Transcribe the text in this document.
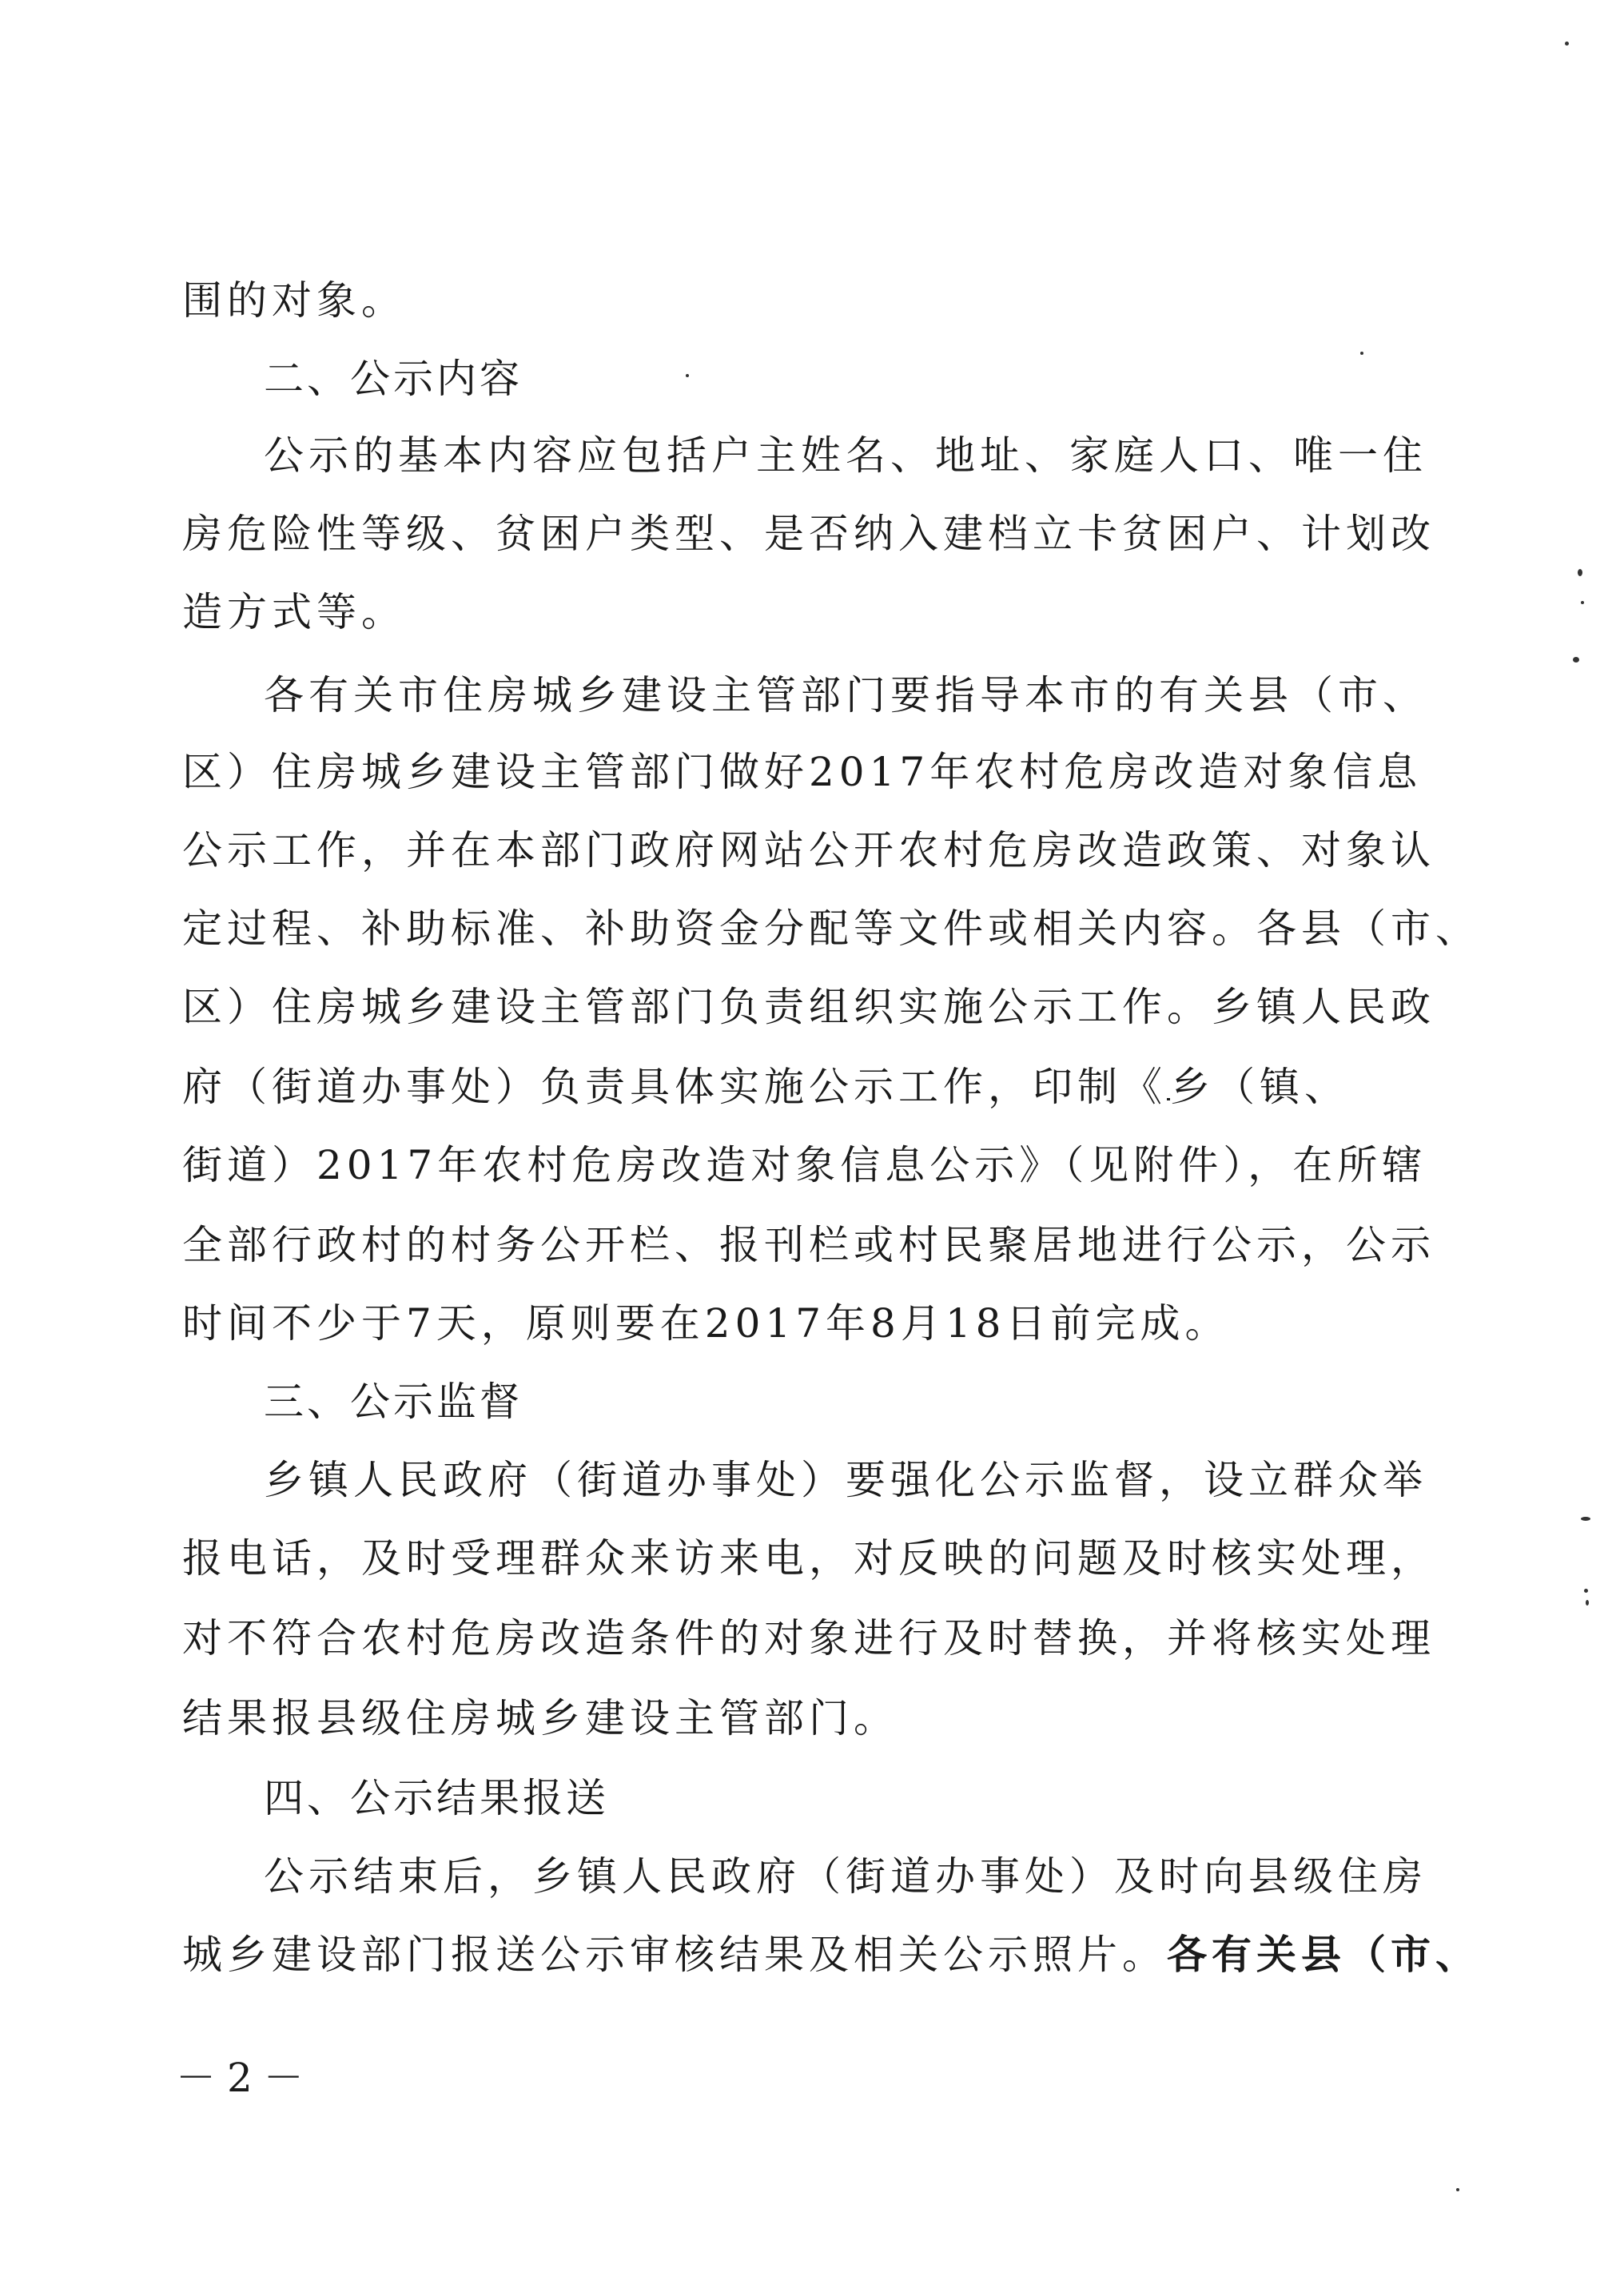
围的对象。
二、公示内容
公示的基本内容应包括户主姓名、地址、家庭人口、唯一住
房危险性等级、贫困户类型、是否纳入建档立卡贫困户、计划改
造方式等。
各有关市住房城乡建设主管部门要指导本市的有关县（市、
区）住房城乡建设主管部门做好2017年农村危房改造对象信息
公示工作，并在本部门政府网站公开农村危房改造政策、对象认
定过程、补助标准、补助资金分配等文件或相关内容。各县（市、
区）住房城乡建设主管部门负责组织实施公示工作。乡镇人民政
府（街道办事处）负责具体实施公示工作，印制《 乡（镇、
街道）2017年农村危房改造对象信息公示》（见附件），在所辖
全部行政村的村务公开栏、报刊栏或村民聚居地进行公示，公示
时间不少于7天，原则要在2017年8月18日前完成。
三、公示监督
乡镇人民政府（街道办事处）要强化公示监督，设立群众举
报电话，及时受理群众来访来电，对反映的问题及时核实处理，
对不符合农村危房改造条件的对象进行及时替换，并将核实处理
结果报县级住房城乡建设主管部门。
四、公示结果报送
公示结束后，乡镇人民政府（街道办事处）及时向县级住房
城乡建设部门报送公示审核结果及相关公示照片。 各有关县（市、
－2－
